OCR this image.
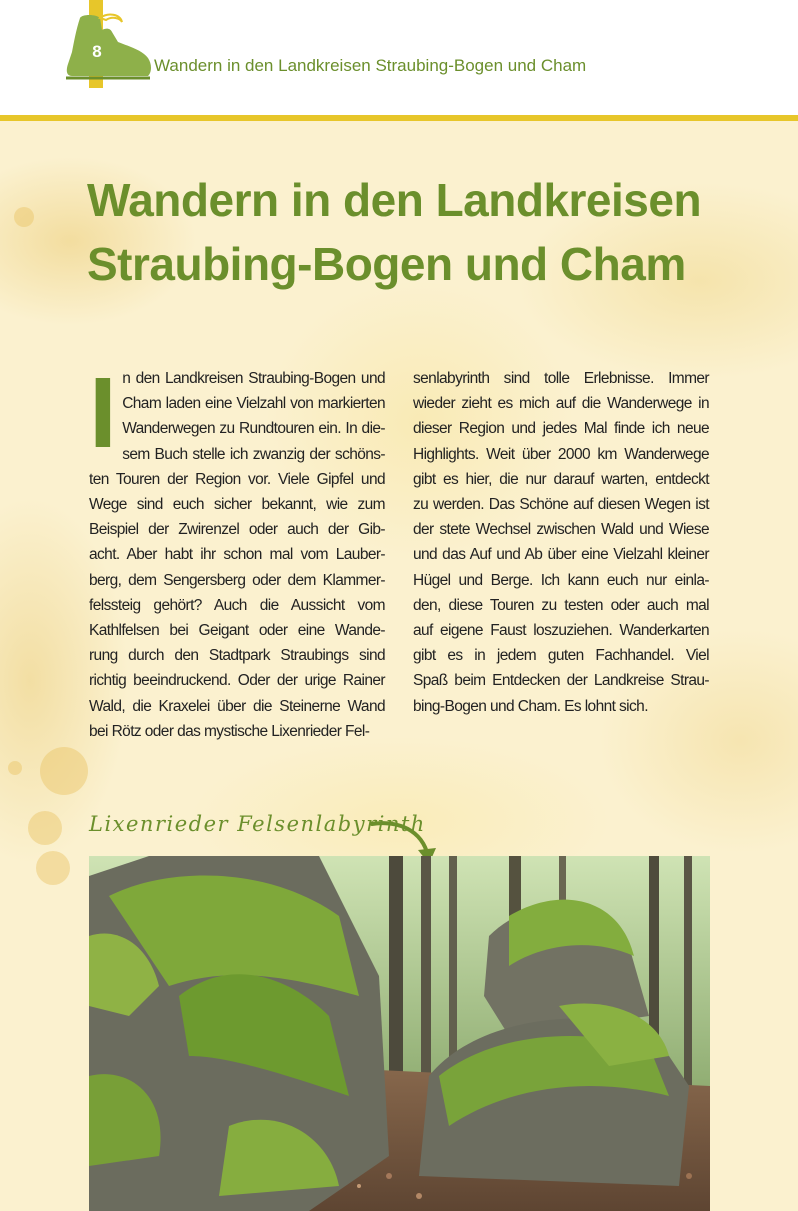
8
Wandern in den Landkreisen Straubing-Bogen und Cham
Wandern in den Landkreisen
Straubing-Bogen und Cham
I n den Landkreisen Straubing-Bogen und
Cham laden eine Vielzahl von markierten
Wanderwegen zu Rundtouren ein. In die-
sem Buch stelle ich zwanzig der schöns-
ten Touren der Region vor. Viele Gipfel und
Wege sind euch sicher bekannt, wie zum
Beispiel der Zwirenzel oder auch der Gib-
acht. Aber habt ihr schon mal vom Lauber-
berg, dem Sengersberg oder dem Klammer-
felssteig gehört? Auch die Aussicht vom
Kathlfelsen bei Geigant oder eine Wande-
rung durch den Stadtpark Straubings sind
richtig beeindruckend. Oder der urige Rainer
Wald, die Kraxelei über die Steinerne Wand
bei Rötz oder das mystische Lixenrieder Fel-
senlabyrinth sind tolle Erlebnisse. Immer
wieder zieht es mich auf die Wanderwege in
dieser Region und jedes Mal finde ich neue
Highlights. Weit über 2000 km Wanderwege
gibt es hier, die nur darauf warten, entdeckt
zu werden. Das Schöne auf diesen Wegen ist
der stete Wechsel zwischen Wald und Wiese
und das Auf und Ab über eine Vielzahl kleiner
Hügel und Berge. Ich kann euch nur einla-
den, diese Touren zu testen oder auch mal
auf eigene Faust loszuziehen. Wanderkarten
gibt es in jedem guten Fachhandel. Viel
Spaß beim Entdecken der Landkreise Strau-
bing-Bogen und Cham. Es lohnt sich.
Lixenrieder Felsenlabyrinth
